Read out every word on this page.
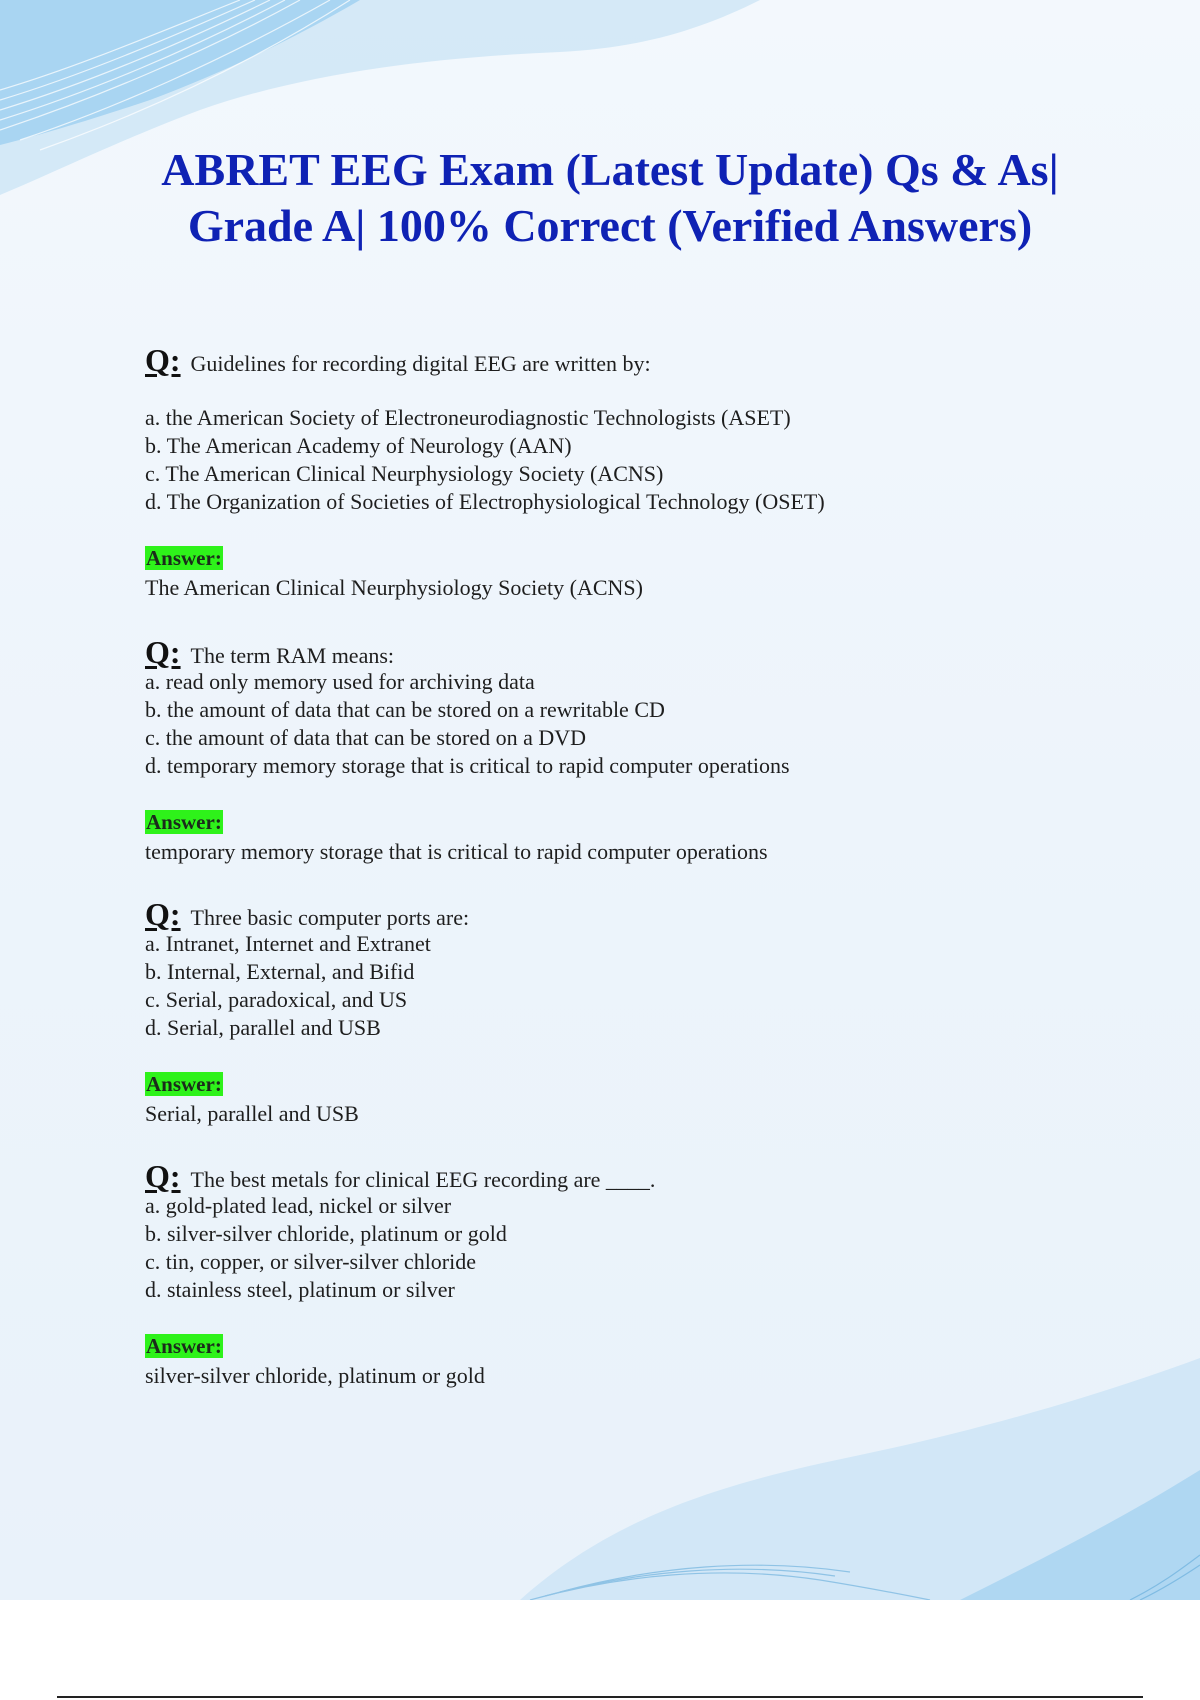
ABRET EEG Exam (Latest Update) Qs & As| Grade A| 100% Correct (Verified Answers)
Q: Guidelines for recording digital EEG are written by:
a. the American Society of Electroneurodiagnostic Technologists (ASET)
b. The American Academy of Neurology (AAN)
c. The American Clinical Neurphysiology Society (ACNS)
d. The Organization of Societies of Electrophysiological Technology (OSET)
Answer:
The American Clinical Neurphysiology Society (ACNS)
Q: The term RAM means:
a. read only memory used for archiving data
b. the amount of data that can be stored on a rewritable CD
c. the amount of data that can be stored on a DVD
d. temporary memory storage that is critical to rapid computer operations
Answer:
temporary memory storage that is critical to rapid computer operations
Q: Three basic computer ports are:
a. Intranet, Internet and Extranet
b. Internal, External, and Bifid
c. Serial, paradoxical, and US
d. Serial, parallel and USB
Answer:
Serial, parallel and USB
Q: The best metals for clinical EEG recording are ____.
a. gold-plated lead, nickel or silver
b. silver-silver chloride, platinum or gold
c. tin, copper, or silver-silver chloride
d. stainless steel, platinum or silver
Answer:
silver-silver chloride, platinum or gold
